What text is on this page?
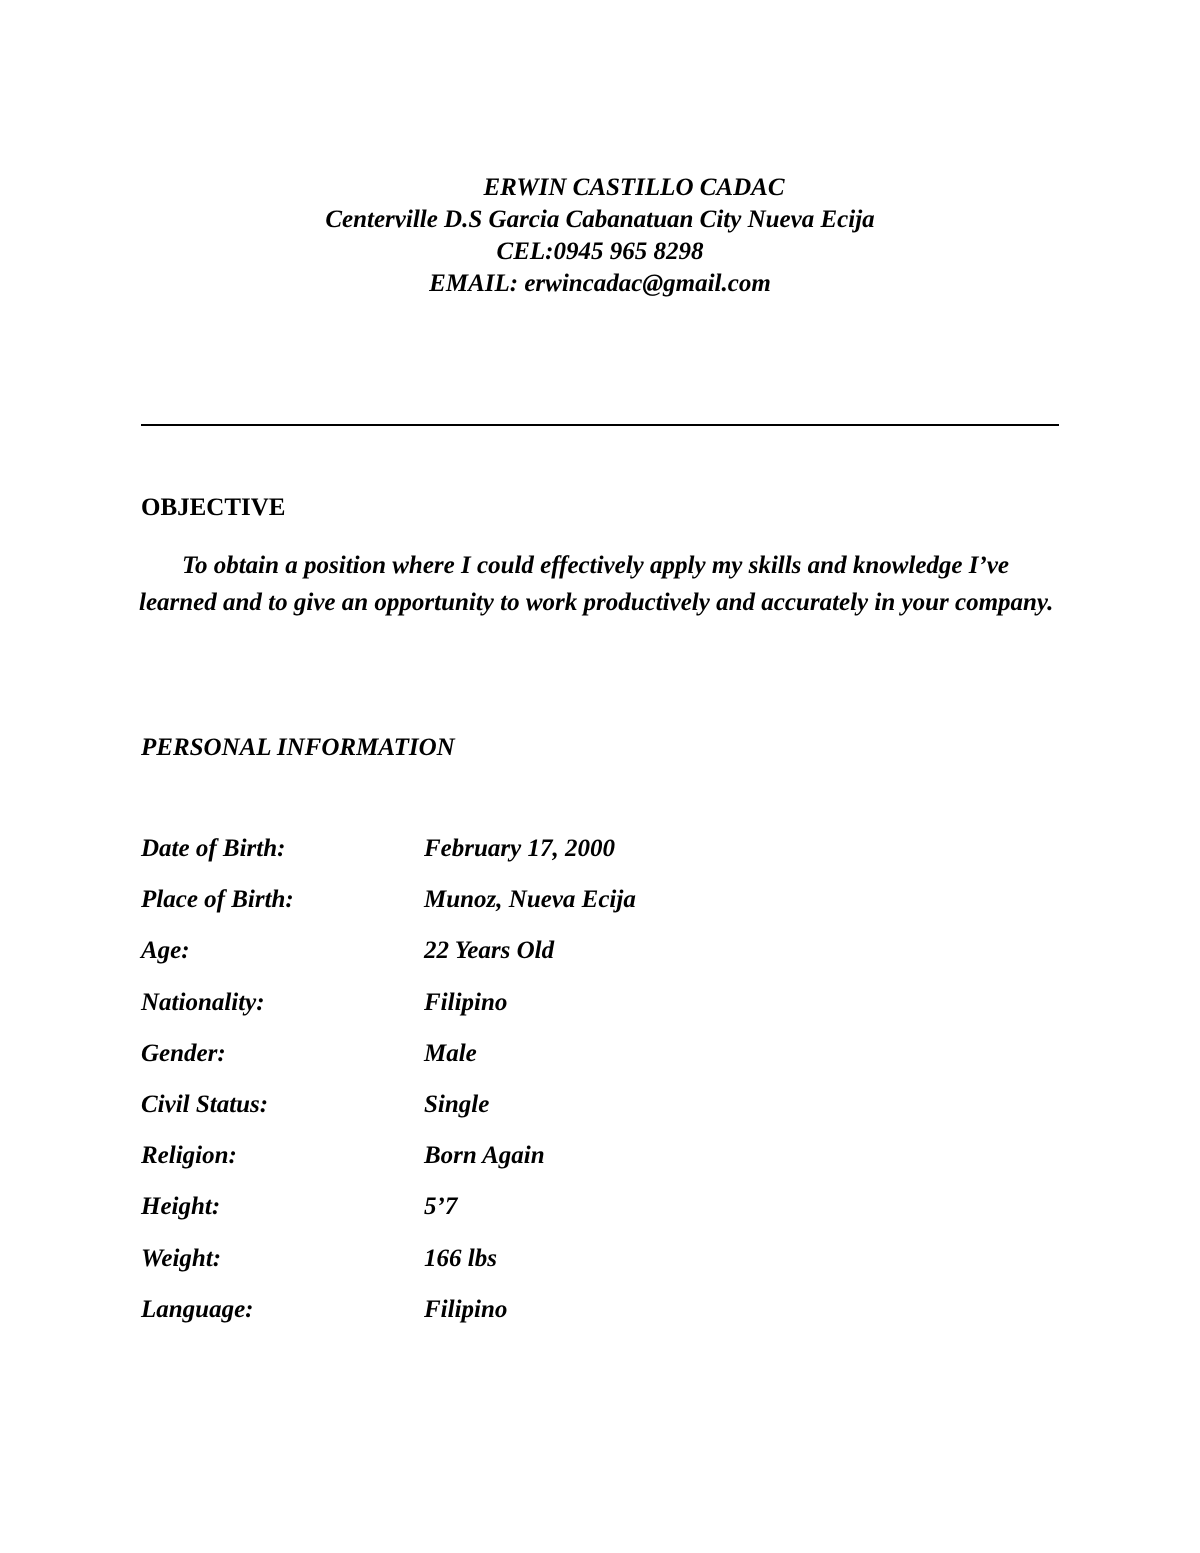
ERWIN CASTILLO CADAC
Centerville D.S Garcia Cabanatuan City Nueva Ecija
CEL:0945 965 8298
EMAIL: erwincadac@gmail.com
OBJECTIVE

To obtain a position where I could effectively apply my skills and knowledge I’ve learned and to give an opportunity to work productively and accurately in your company.

PERSONAL INFORMATION
Date of Birth:	February 17, 2000
Place of Birth:	Munoz, Nueva Ecija
Age:	22 Years Old
Nationality:	Filipino
Gender:	Male
Civil Status:	Single
Religion:	Born Again
Height:	5’7
Weight:	166 lbs
Language:	Filipino
